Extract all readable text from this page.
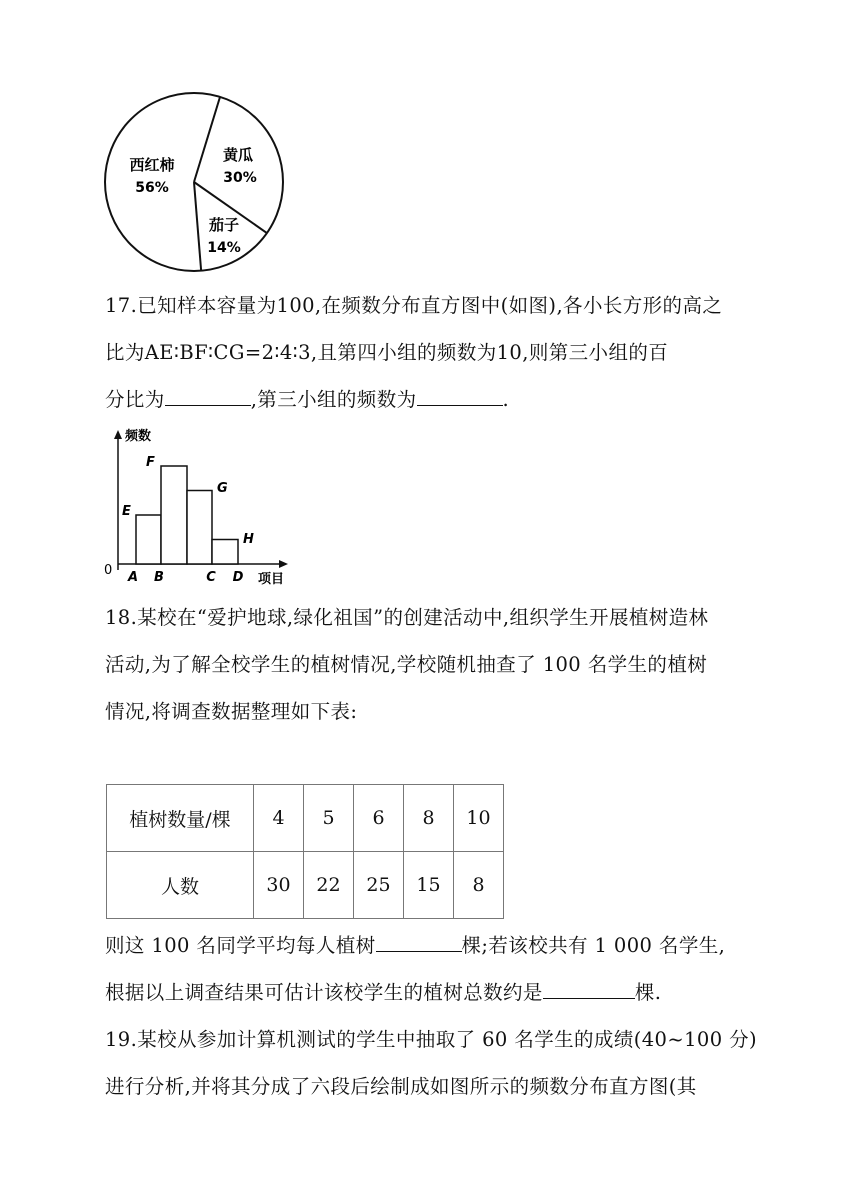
西红柿
56%
黄瓜
30%
茄子
14%
17.已知样本容量为100,在频数分布直方图中(如图),各小长方形的高之
比为AE∶BF∶CG=2∶4∶3,且第四小组的频数为10,则第三小组的百
分比为	,第三小组的频数为	.
频数
项目
0 A B	C D
E
F
G
H
18.某校在“爱护地球,绿化祖国”的创建活动中,组织学生开展植树造林
活动,为了解全校学生的植树情况,学校随机抽查了 100 名学生的植树
情况,将调查数据整理如下表:
植树数量/棵	4	5	6	8	10
人数	30	22	25	15	8
则这 100 名同学平均每人植树	棵;若该校共有 1 000 名学生,
根据以上调查结果可估计该校学生的植树总数约是	棵.
19.某校从参加计算机测试的学生中抽取了 60 名学生的成绩(40~100 分)
进行分析,并将其分成了六段后绘制成如图所示的频数分布直方图(其
